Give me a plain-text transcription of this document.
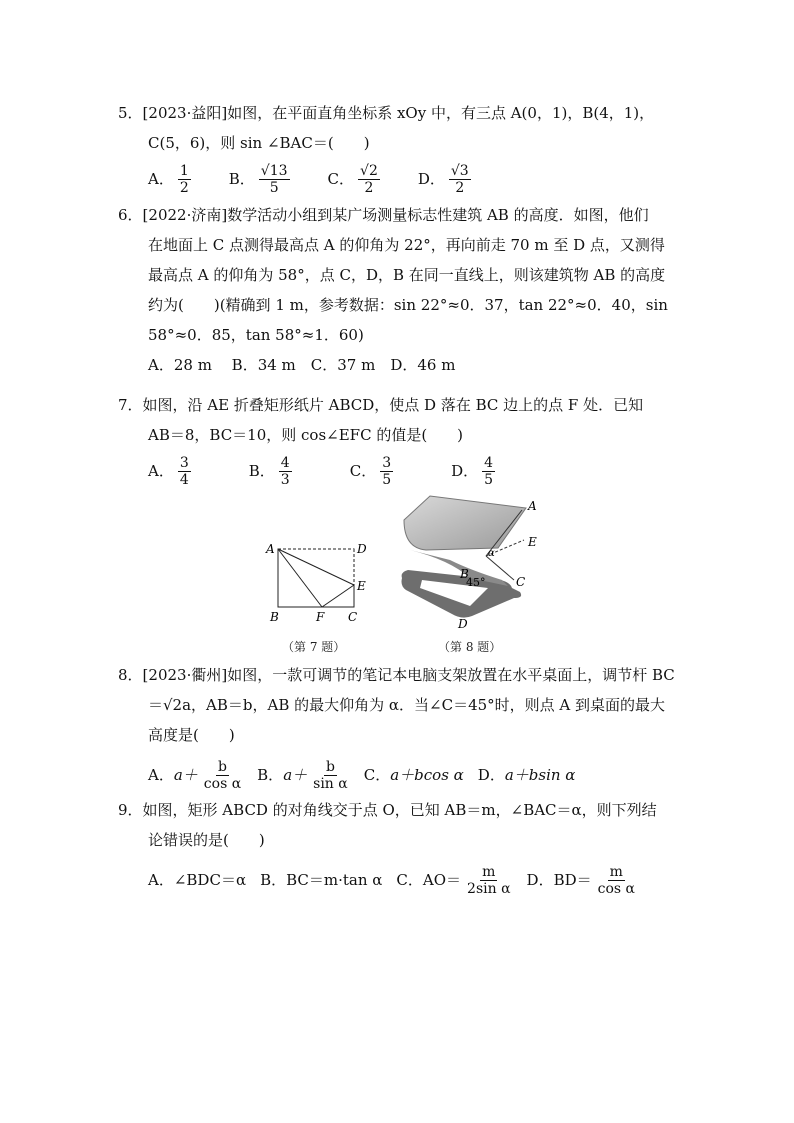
5．[2023·益阳]如图，在平面直角坐标系 xOy 中，有三点 A(0，1)，B(4，1)，
C(5，6)，则 sin ∠BAC＝(　　)
A． $\frac{1}{2}$	B． $\frac{√13}{5}$	C． $\frac{√2}{2}$	D． $\frac{√3}{2}$
6．[2022·济南]数学活动小组到某广场测量标志性建筑 AB 的高度．如图，他们
在地面上 C 点测得最高点 A 的仰角为 22°，再向前走 70 m 至 D 点，又测得
最高点 A 的仰角为 58°，点 C，D，B 在同一直线上，则该建筑物 AB 的高度
约为(　　)(精确到 1 m，参考数据：sin 22°≈0．37，tan 22°≈0．40，sin
58°≈0．85，tan 58°≈1．60)
A．28 m　 B．34 m　C．37 m　D．46 m
7．如图，沿 AE 折叠矩形纸片 ABCD，使点 D 落在 BC 边上的点 F 处．已知
AB＝8，BC＝10，则 cos∠EFC 的值是(　　)
A． $\frac{3}{4}$	B． $\frac{4}{3}$	C． $\frac{3}{5}$	D． $\frac{4}{5}$
A	D
E
B	F C
（第 7 题）
A
E
α
B
45°	C
D
（第 8 题）
8．[2023·衢州]如图，一款可调节的笔记本电脑支架放置在水平桌面上，调节杆 BC
＝√2a，AB＝b，AB 的最大仰角为 α．当∠C＝45°时，则点 A 到桌面的最大
高度是(　　)
A． $a+ \frac{b}{\text{cos α}}$ B． $a+ \frac{b}{\text{sin α}}$ C． a＋bcos α D． a＋bsin α
9．如图，矩形 ABCD 的对角线交于点 O，已知 AB＝m，∠BAC＝α，则下列结
论错误的是(　　)
A． ∠BDC＝α B． BC＝m·tan α C． $AO= \frac{m}{\text{2sin α}}$ D． $BD= \frac{m}{\text{cos α}}$
